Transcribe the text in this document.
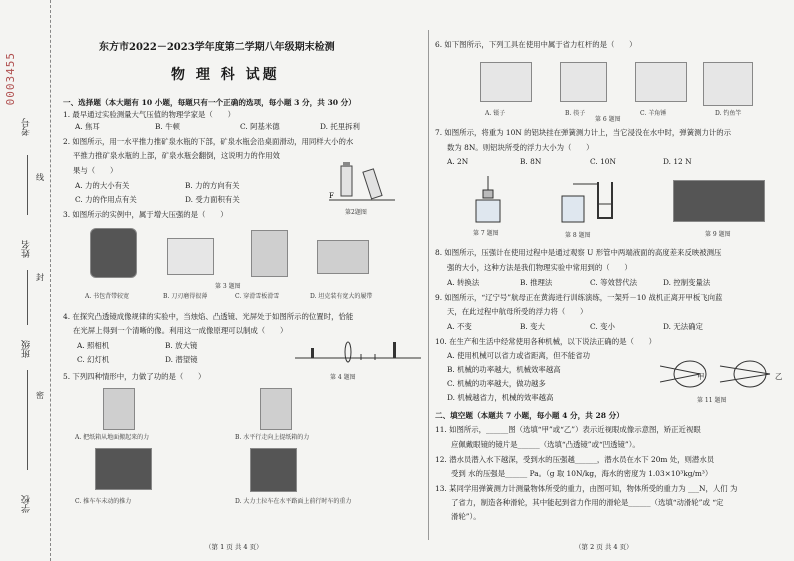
0003455
考号
线
姓名
封
班级
密
学校
东方市2022－2023学年度第二学期八年级期末检测
物 理 科 试题
一、选择题（本大题有 10 小题，每题只有一个正确的选项，每小题 3 分，共 30 分）
1. 最早通过实验测量大气压值的物理学家是（　　）
A. 焦耳	B. 牛顿	C. 阿基米德	D. 托里拆利
2. 如图所示，用一水平推力推矿泉水瓶的下部，矿泉水瓶会沿桌面滑动，用同样大小的水
平推力推矿泉水瓶的上部，矿泉水瓶会翻倒，这说明力的作用效
果与（　　）
A. 力的大小有关	B. 力的方向有关
C. 力的作用点有关	D. 受力面积有关	F
第2题图
3. 如图所示的实例中，属于增大压强的是（　　）
第 3 题图
A. 书包背带较宽	B. 刀刃磨得很薄	C. 穿滑雪板滑雪	D. 坦克装有宽大的履带
4. 在探究凸透镜成像规律的实验中，当烛焰、凸透镜、光屏处于如图所示的位置时，恰能
在光屏上得到一个清晰的像。利用这一成像原理可以制成（　　）
A. 照相机	B. 放大镜
C. 幻灯机	D. 潜望镜
第 4 题图
5. 下列四种情形中，力做了功的是（　　）
A. 把纸箱从地面搬起来的力	B. 水平行走向上提纸箱的力
C. 推车车未动的推力	D. 大力士拉车在水平路面上前行时车的重力
（第 1 页 共 4 页）
6. 如下图所示，下列工具在使用中属于省力杠杆的是（　　）
A. 镊子	B. 筷子
第 6 题图
C. 羊角锤	D. 钓鱼竿
7. 如图所示，将重为 10N 的铝块挂在弹簧测力计上，当它浸没在水中时，弹簧测力计的示
数为 8N。则铝块所受的浮力大小为（　　）
A. 2N	B. 8N	C. 10N	D. 12 N
第 7 题图	第 8 题图	第 9 题图
8. 如图所示，压强计在使用过程中是通过观察 U 形管中两端液面的高度差来反映被测压
强的大小，这种方法是我们物理实验中常用到的（　　）
A. 转换法	B. 推理法	C. 等效替代法	D. 控制变量法
9. 如图所示，“辽宁号”航母正在黄海进行训练演练，一架歼－10 战机正离开甲板飞向蓝
天，在此过程中航母所受的浮力将（　　）
A. 不变	B. 变大	C. 变小	D. 无法确定
10. 在生产和生活中经常使用各种机械，以下说法正确的是（　　）
A. 使用机械可以省力或省距离，但不能省功
B. 机械的功率越大，机械效率越高
C. 机械的功率越大，做功越多
D. 机械越省力，机械的效率越高
甲	乙
第 11 题图
二、填空题（本题共 7 小题，每小题 4 分，共 28 分）
11. 如图所示，______图（选填“甲”或“乙”）表示近视眼成像示意图，矫正近视眼
应佩戴眼镜的镜片是______（选填“凸透镜”或“凹透镜”）。
12. 潜水员潜入水下越深，受到水的压强越______，潜水员在水下 20m 处，则潜水员
受到 水的压强是______ Pa。（g 取 10N/kg，海水的密度为 1.03×10³kg/m³）
13. 某同学用弹簧测力计测量物体所受的重力，由图可知，物体所受的重力为 ___N，人们 为
了省力，制造各种滑轮，其中能起到省力作用的滑轮是______（选填“动滑轮”或 “定
滑轮”）。
（第 2 页 共 4 页）
